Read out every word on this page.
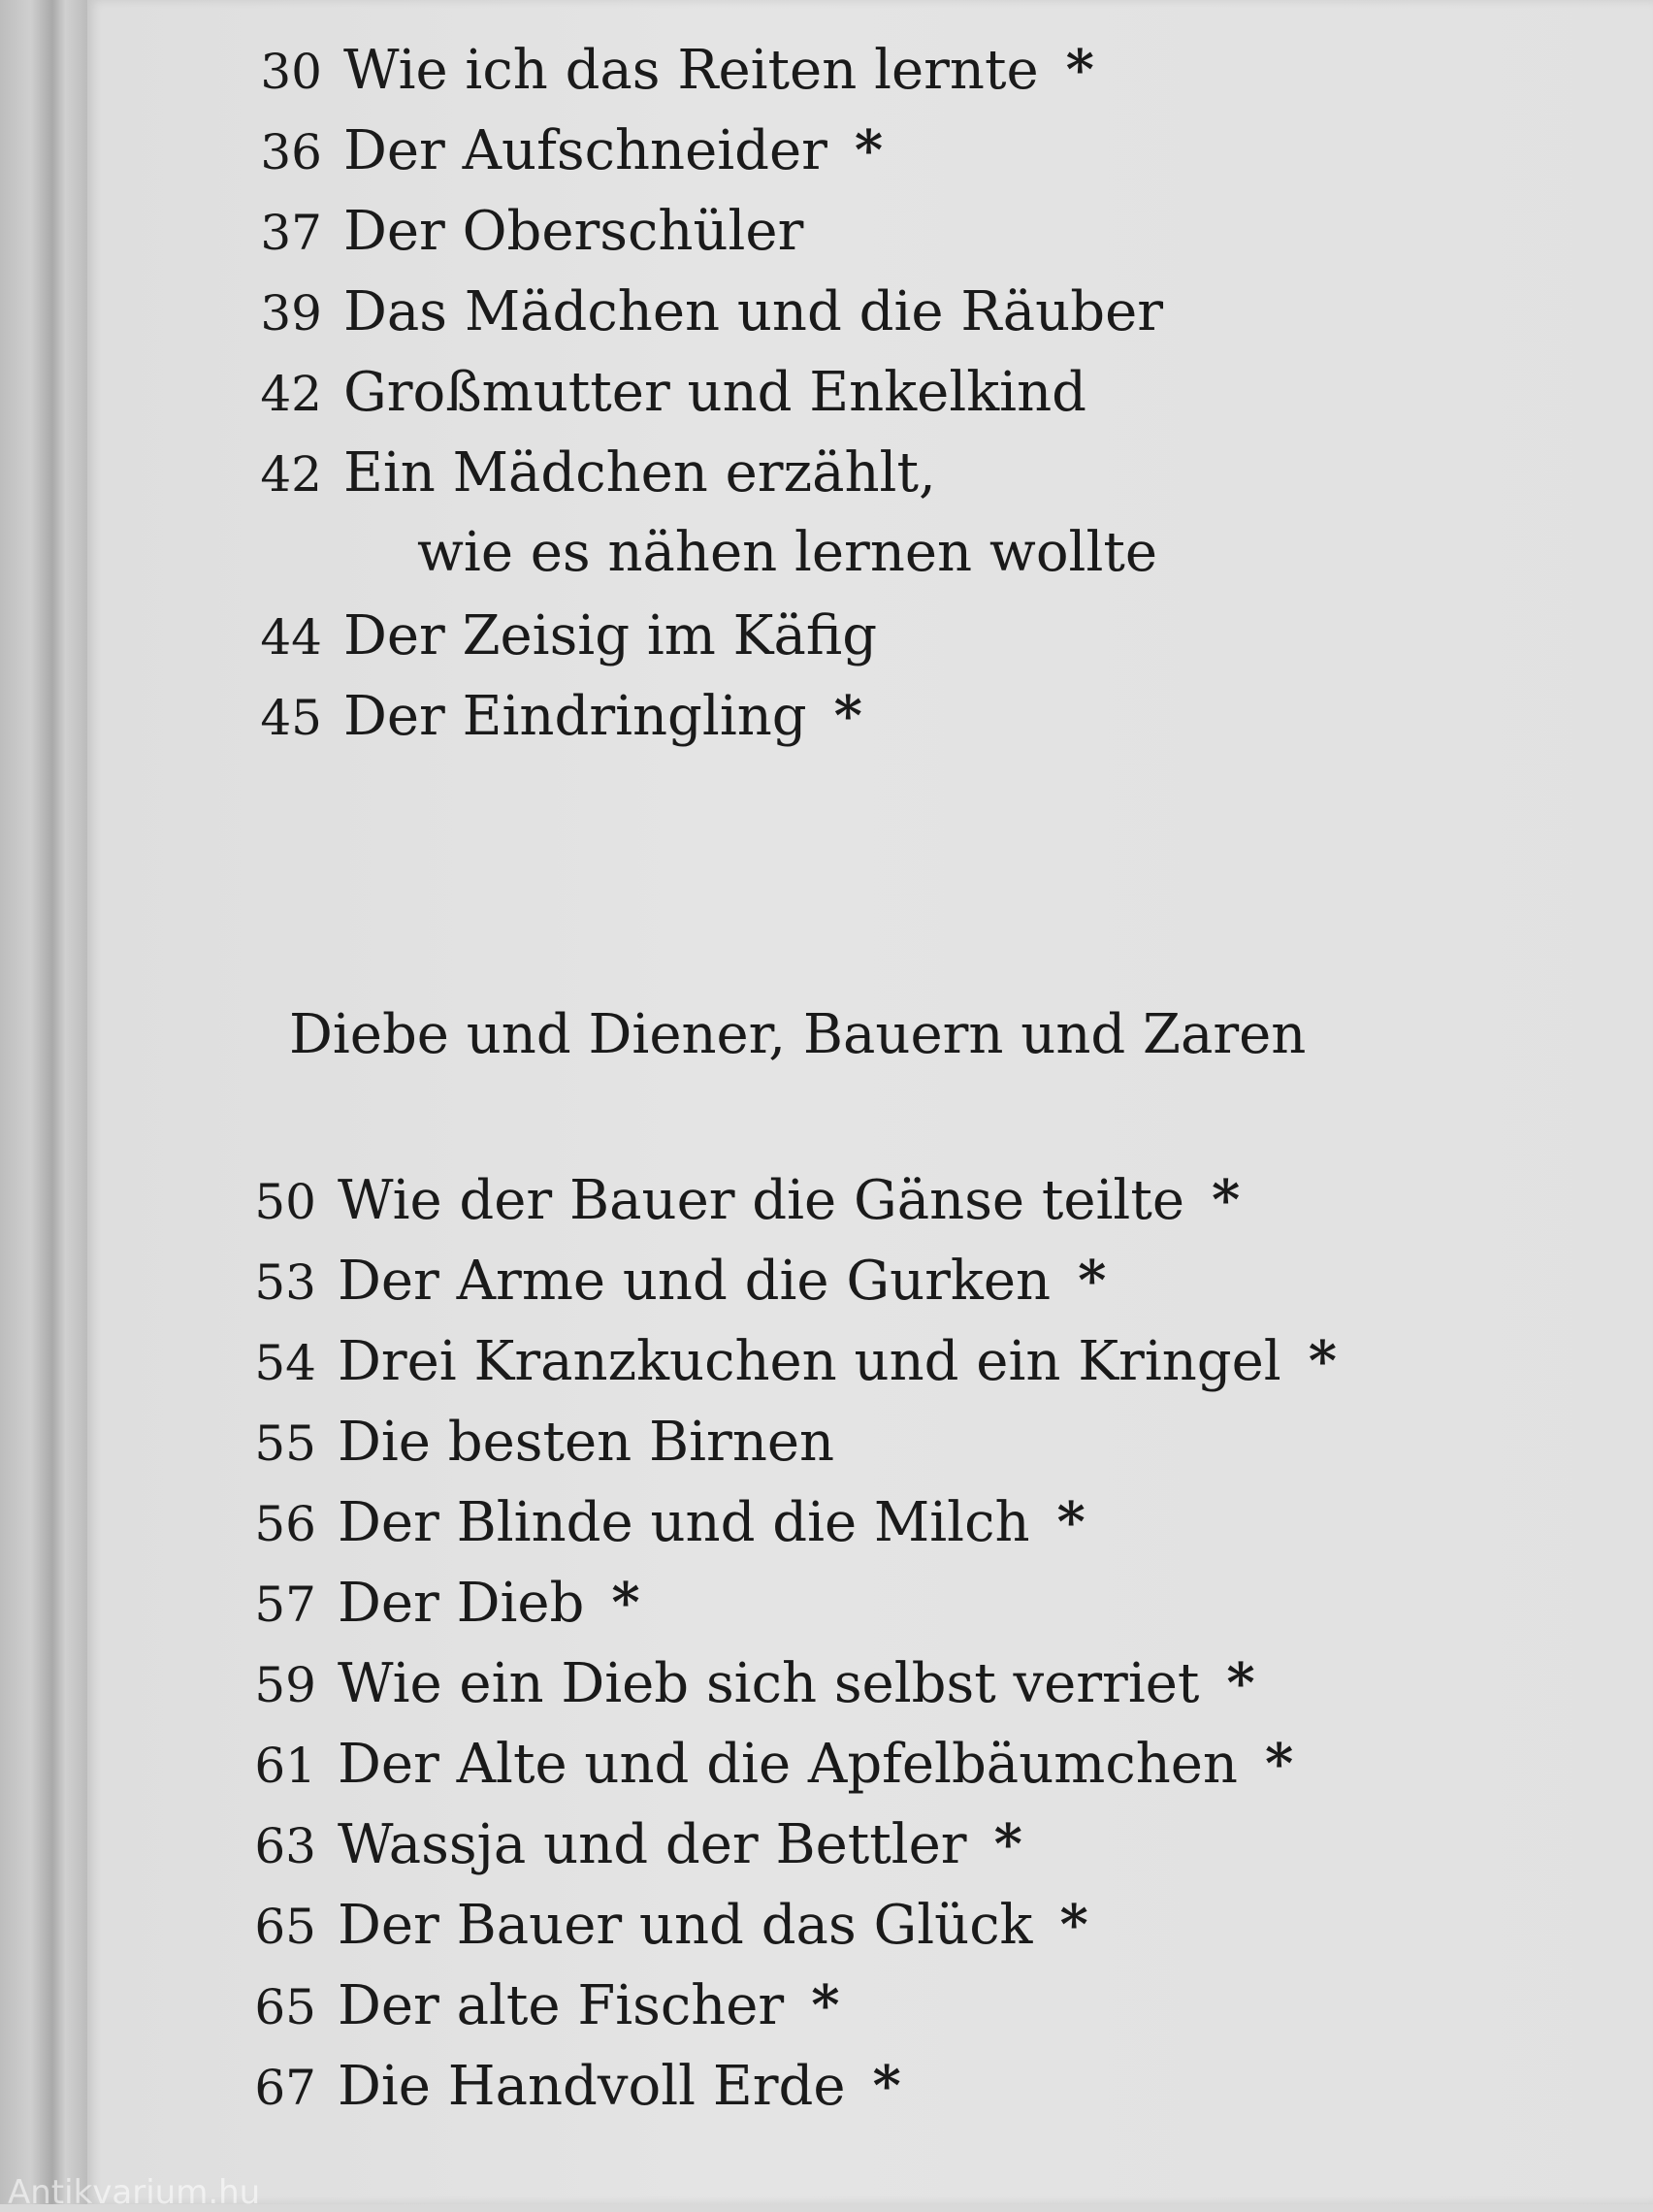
30 Wie ich das Reiten lernte *
36 Der Aufschneider *
37 Der Oberschüler
39 Das Mädchen und die Räuber
42 Großmutter und Enkelkind
42 Ein Mädchen erzählt,
wie es nähen lernen wollte
44 Der Zeisig im Käfig
45 Der Eindringling *
Diebe und Diener, Bauern und Zaren
50 Wie der Bauer die Gänse teilte *
53 Der Arme und die Gurken *
54 Drei Kranzkuchen und ein Kringel *
55 Die besten Birnen
56 Der Blinde und die Milch *
57 Der Dieb *
59 Wie ein Dieb sich selbst verriet *
61 Der Alte und die Apfelbäumchen *
63 Wassja und der Bettler *
65 Der Bauer und das Glück *
65 Der alte Fischer *
67 Die Handvoll Erde *
Antikvarium.hu
